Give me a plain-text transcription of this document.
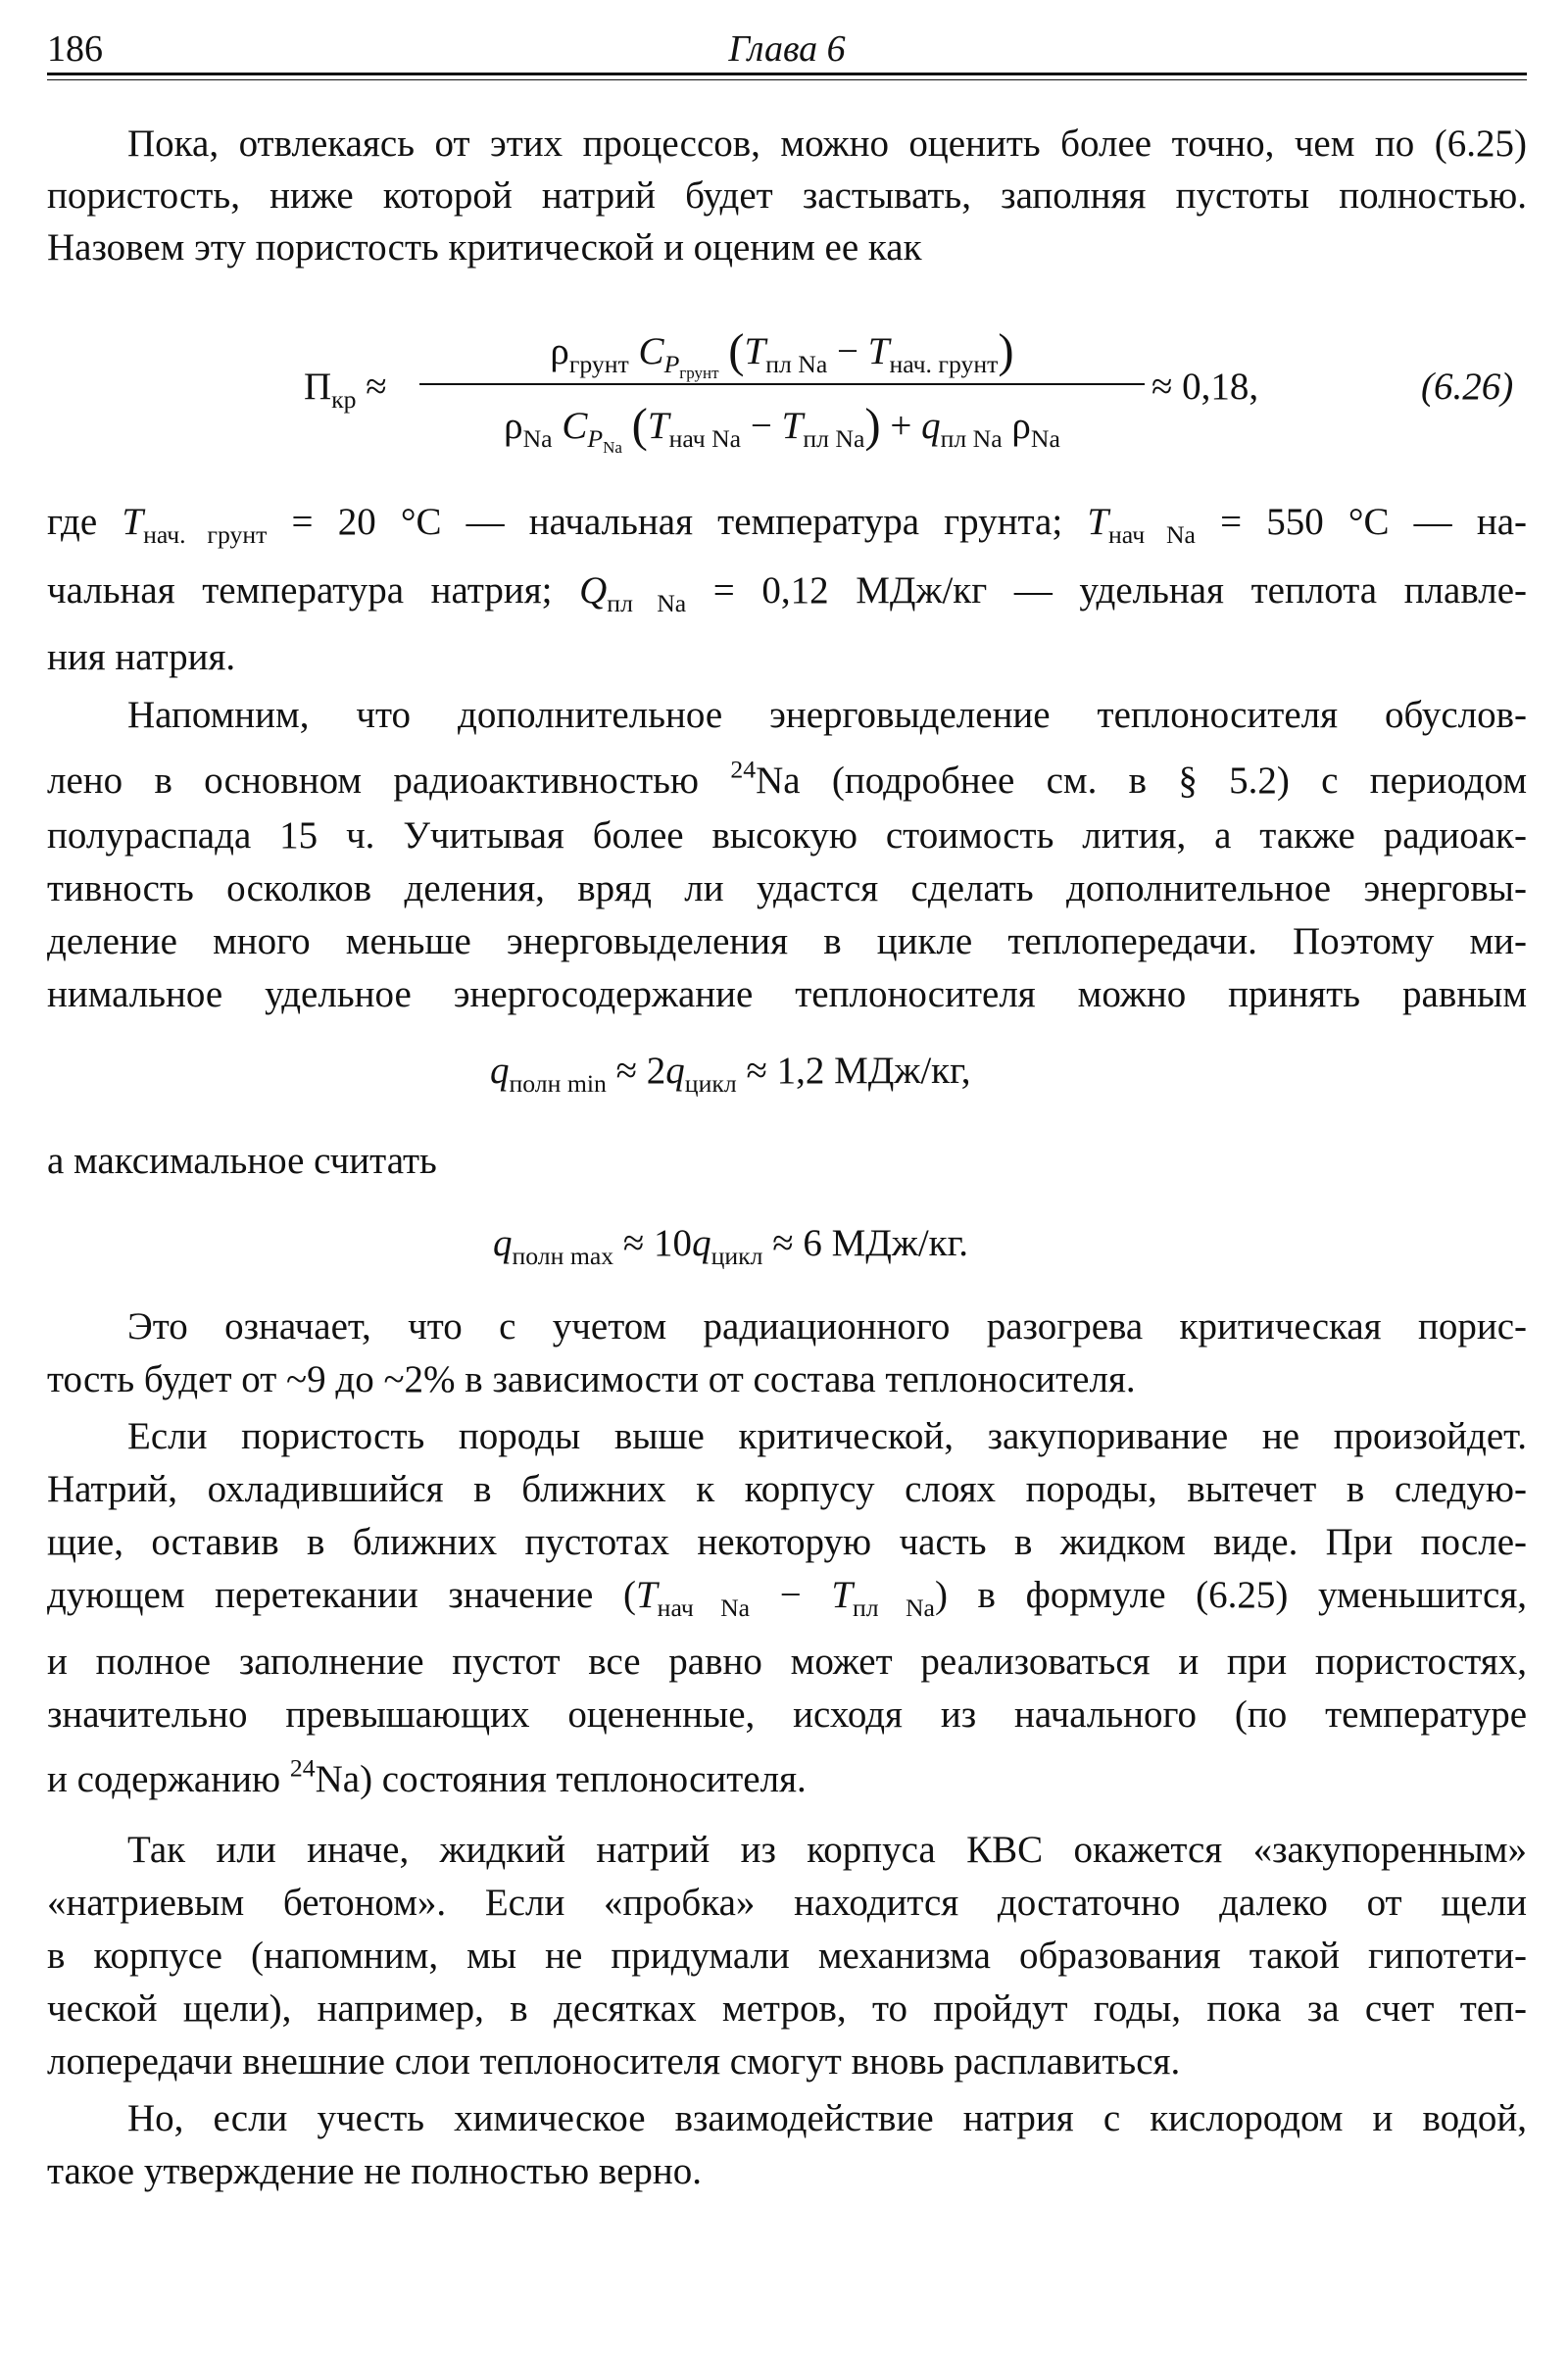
186	Глава 6
Пока, отвлекаясь от этих процессов, можно оценить более точно, чем по (6.25)
пористость, ниже которой натрий будет застывать, заполняя пустоты полностью.
Назовем эту пористость критической и оценим ее как
$П_{кр}$ ≈
$\rho_{грунт}$ $C_{P_{грунт}}$ $(T_{пл Na} - T_{нач. грунт})$
$\rho_{Na}$ $C_{P_{Na}}$ $(T_{нач Na} - T_{пл Na}) + q_{пл Na}$ $\rho_{Na}$
≈ 0,18,	(6.26)
где $T_{нач. грунт} = 20$ °C — начальная температура грунта; $T_{нач Na} = 550$ °C — на-
чальная температура натрия; $Q_{пл Na} = 0,12$ МДж/кг — удельная теплота плавле-
ния натрия.
Напомним, что дополнительное энерговыделение теплоносителя обуслов-
лено в основном радиоактивностью $^{24}$Na (подробнее см. в § 5.2) с периодом
полураспада 15 ч. Учитывая более высокую стоимость лития, а также радиоак-
тивность осколков деления, вряд ли удастся сделать дополнительное энерговы-
деление много меньше энерговыделения в цикле теплопередачи. Поэтому ми-
нимальное удельное энергосодержание теплоносителя можно принять равным
$q_{полн min} \approx 2q_{цикл} \approx 1,2$ МДж/кг,
а максимальное считать
$q_{полн max} \approx 10q_{цикл} \approx 6$ МДж/кг.
Это означает, что с учетом радиационного разогрева критическая порис-
тость будет от ~9 до ~2% в зависимости от состава теплоносителя.
Если пористость породы выше критической, закупоривание не произойдет.
Натрий, охладившийся в ближних к корпусу слоях породы, вытечет в следую-
щие, оставив в ближних пустотах некоторую часть в жидком виде. При после-
дующем перетекании значение $(T_{нач Na} - T_{пл Na})$ в формуле (6.25) уменьшится,
и полное заполнение пустот все равно может реализоваться и при пористостях,
значительно превышающих оцененные, исходя из начального (по температуре
и содержанию $^{24}$Na) состояния теплоносителя.
Так или иначе, жидкий натрий из корпуса КВС окажется «закупоренным»
«натриевым бетоном». Если «пробка» находится достаточно далеко от щели
в корпусе (напомним, мы не придумали механизма образования такой гипотети-
ческой щели), например, в десятках метров, то пройдут годы, пока за счет теп-
лопередачи внешние слои теплоносителя смогут вновь расплавиться.
Но, если учесть химическое взаимодействие натрия с кислородом и водой,
такое утверждение не полностью верно.
